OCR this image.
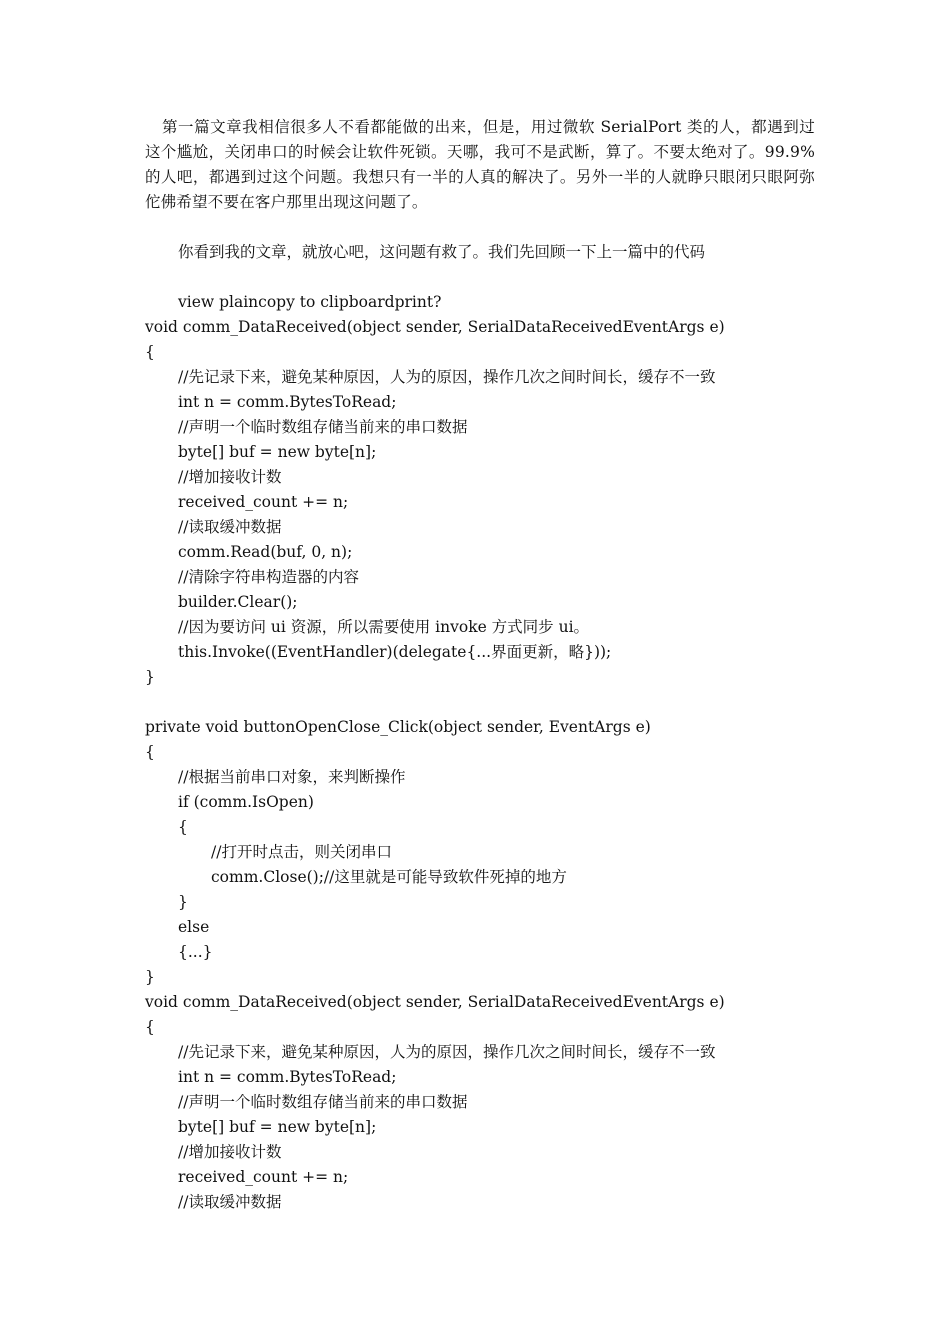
第一篇文章我相信很多人不看都能做的出来，但是，用过微软 SerialPort 类的人，都遇到过这个尴尬，关闭串口的时候会让软件死锁。天哪，我可不是武断，算了。不要太绝对了。99.9%的人吧，都遇到过这个问题。我想只有一半的人真的解决了。另外一半的人就睁只眼闭只眼阿弥佗佛希望不要在客户那里出现这问题了。

你看到我的文章，就放心吧，这问题有救了。我们先回顾一下上一篇中的代码

view plaincopy to clipboardprint?
void comm_DataReceived(object sender, SerialDataReceivedEventArgs e)
{
//先记录下来，避免某种原因，人为的原因，操作几次之间时间长，缓存不一致
int n = comm.BytesToRead;
//声明一个临时数组存储当前来的串口数据
byte[] buf = new byte[n];
//增加接收计数
received_count += n;
//读取缓冲数据
comm.Read(buf, 0, n);
//清除字符串构造器的内容
builder.Clear();
//因为要访问 ui 资源，所以需要使用 invoke 方式同步 ui。
this.Invoke((EventHandler)(delegate{...界面更新，略}));
}
private void buttonOpenClose_Click(object sender, EventArgs e)
{
//根据当前串口对象，来判断操作
if (comm.IsOpen)
{
//打开时点击，则关闭串口
comm.Close();//这里就是可能导致软件死掉的地方
}
else
{...}
}
void comm_DataReceived(object sender, SerialDataReceivedEventArgs e)
{
//先记录下来，避免某种原因，人为的原因，操作几次之间时间长，缓存不一致
int n = comm.BytesToRead;
//声明一个临时数组存储当前来的串口数据
byte[] buf = new byte[n];
//增加接收计数
received_count += n;
//读取缓冲数据
